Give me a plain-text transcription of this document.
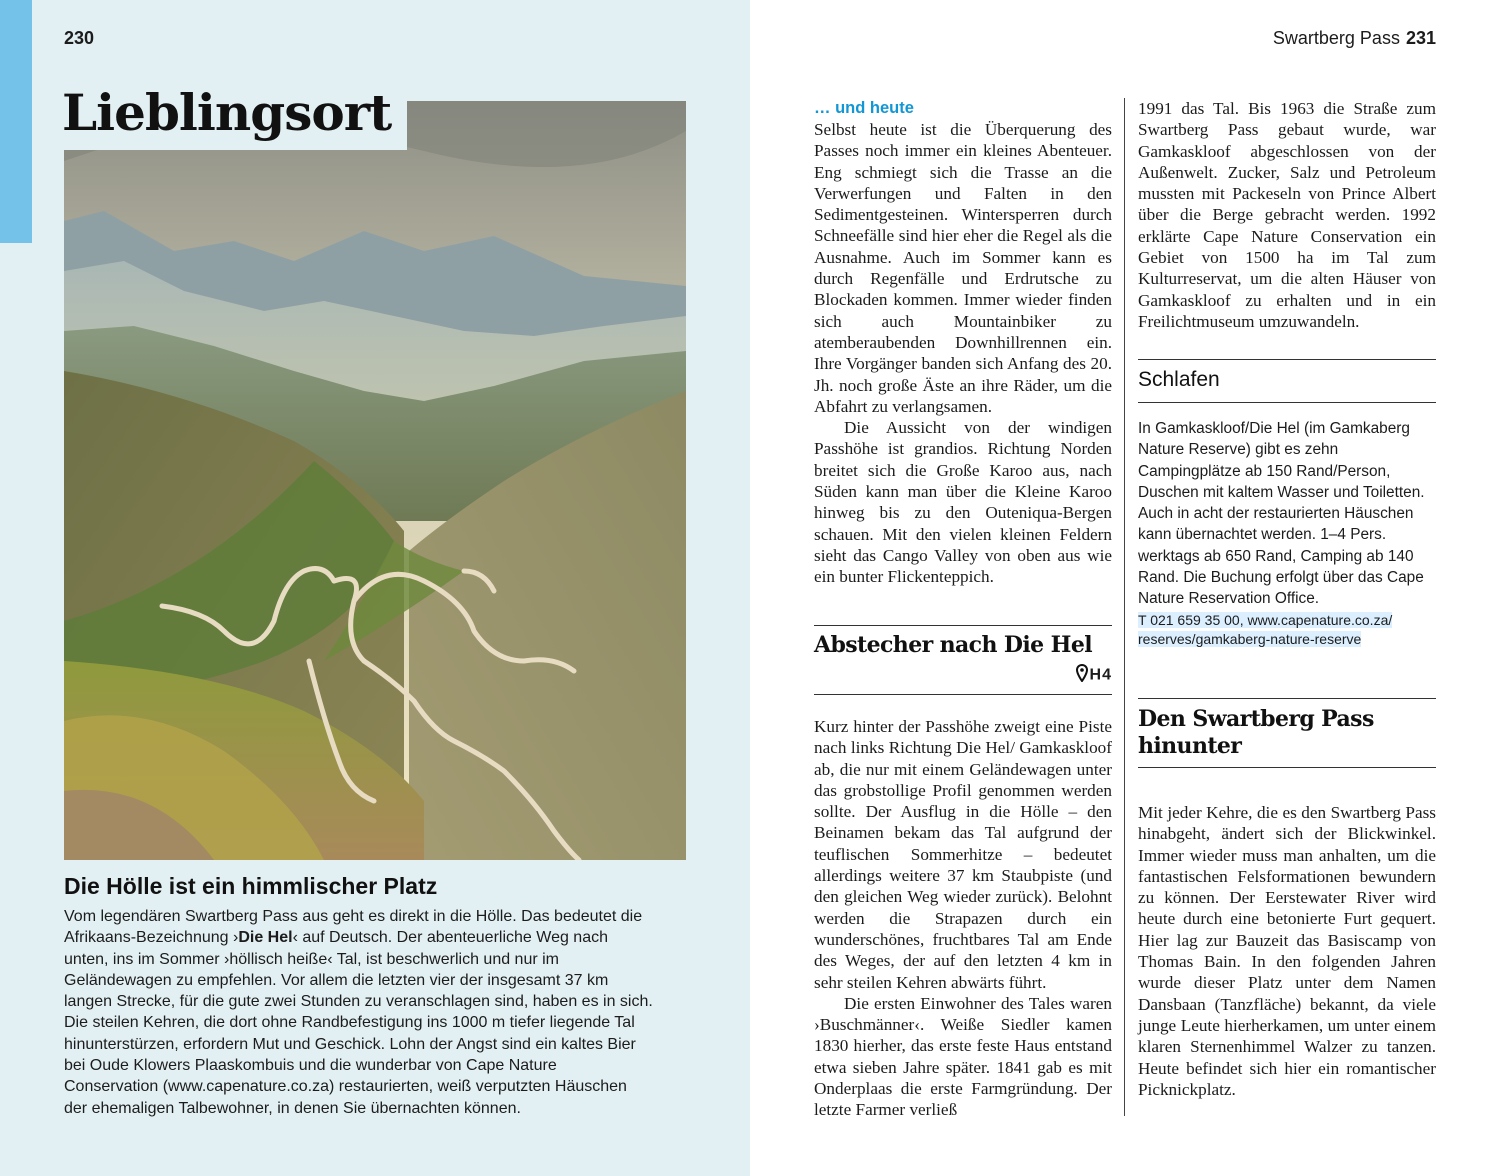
230
Lieblingsort
Die Hölle ist ein himmlischer Platz

Vom legendären Swartberg Pass aus geht es direkt in die Hölle. Das bedeutet die Afrikaans-Bezeichnung ›Die Hel‹ auf Deutsch. Der abenteuerliche Weg nach unten, ins im Sommer ›höllisch heiße‹ Tal, ist beschwerlich und nur im Geländewagen zu empfehlen. Vor allem die letzten vier der insgesamt 37 km langen Strecke, für die gute zwei Stunden zu veranschlagen sind, haben es in sich. Die steilen Kehren, die dort ohne Randbefestigung ins 1000 m tiefer liegende Tal hinunterstürzen, erfordern Mut und Geschick. Lohn der Angst sind ein kaltes Bier bei Oude Klowers Plaaskombuis und die wunderbar von Cape Nature Conservation (www.capenature.co.za) restaurierten, weiß verputzten Häuschen der ehemaligen Talbewohner, in denen Sie übernachten können.

Swartberg Pass 231
… und heute

Selbst heute ist die Überquerung des Passes noch immer ein kleines Abenteuer. Eng schmiegt sich die Trasse an die Verwerfungen und Falten in den Sedimentgesteinen. Wintersperren durch Schneefälle sind hier eher die Regel als die Ausnahme. Auch im Sommer kann es durch Regenfälle und Erdrutsche zu Blockaden kommen. Immer wieder finden sich auch Mountainbiker zu atemberaubenden Downhillrennen ein. Ihre Vorgänger banden sich Anfang des 20. Jh. noch große Äste an ihre Räder, um die Abfahrt zu verlangsamen.

Die Aussicht von der windigen Passhöhe ist grandios. Richtung Norden breitet sich die Große Karoo aus, nach Süden kann man über die Kleine Karoo hinweg bis zu den Outeniqua-Bergen schauen. Mit den vielen kleinen Feldern sieht das Cango Valley von oben aus wie ein bunter Flickenteppich.

Abstecher nach Die Hel
H4

Kurz hinter der Passhöhe zweigt eine Piste nach links Richtung Die Hel/ Gamkaskloof ab, die nur mit einem Geländewagen unter das grobstollige Profil genommen werden sollte. Der Ausflug in die Hölle – den Beinamen bekam das Tal aufgrund der teuflischen Sommerhitze – bedeutet allerdings weitere 37 km Staubpiste (und den gleichen Weg wieder zurück). Belohnt werden die Strapazen durch ein wunderschönes, fruchtbares Tal am Ende des Weges, der auf den letzten 4 km in sehr steilen Kehren abwärts führt.

Die ersten Einwohner des Tales waren ›Buschmänner‹. Weiße Siedler kamen 1830 hierher, das erste feste Haus entstand etwa sieben Jahre später. 1841 gab es mit Onderplaas die erste Farmgründung. Der letzte Farmer verließ

1991 das Tal. Bis 1963 die Straße zum Swartberg Pass gebaut wurde, war Gamkaskloof abgeschlossen von der Außenwelt. Zucker, Salz und Petroleum mussten mit Packeseln von Prince Albert über die Berge gebracht werden. 1992 erklärte Cape Nature Conservation ein Gebiet von 1500 ha im Tal zum Kulturreservat, um die alten Häuser von Gamkaskloof zu erhalten und in ein Freilichtmuseum umzuwandeln.

Schlafen

In Gamkaskloof/Die Hel (im Gamkaberg Nature Reserve) gibt es zehn Campingplätze ab 150 Rand/Person, Duschen mit kaltem Wasser und Toiletten. Auch in acht der restaurierten Häuschen kann übernachtet werden. 1–4 Pers. werktags ab 650 Rand, Camping ab 140 Rand. Die Buchung erfolgt über das Cape Nature Reservation Office.

T 021 659 35 00, www.capenature.co.za/
reserves/gamkaberg-nature-reserve
Den Swartberg Pass hinunter

Mit jeder Kehre, die es den Swartberg Pass hinabgeht, ändert sich der Blickwinkel. Immer wieder muss man anhalten, um die fantastischen Felsformationen bewundern zu können. Der Eerstewater River wird heute durch eine betonierte Furt gequert. Hier lag zur Bauzeit das Basiscamp von Thomas Bain. In den folgenden Jahren wurde dieser Platz unter dem Namen Dansbaan (Tanzfläche) bekannt, da viele junge Leute hierherkamen, um unter einem klaren Sternenhimmel Walzer zu tanzen. Heute befindet sich hier ein romantischer Picknickplatz.
